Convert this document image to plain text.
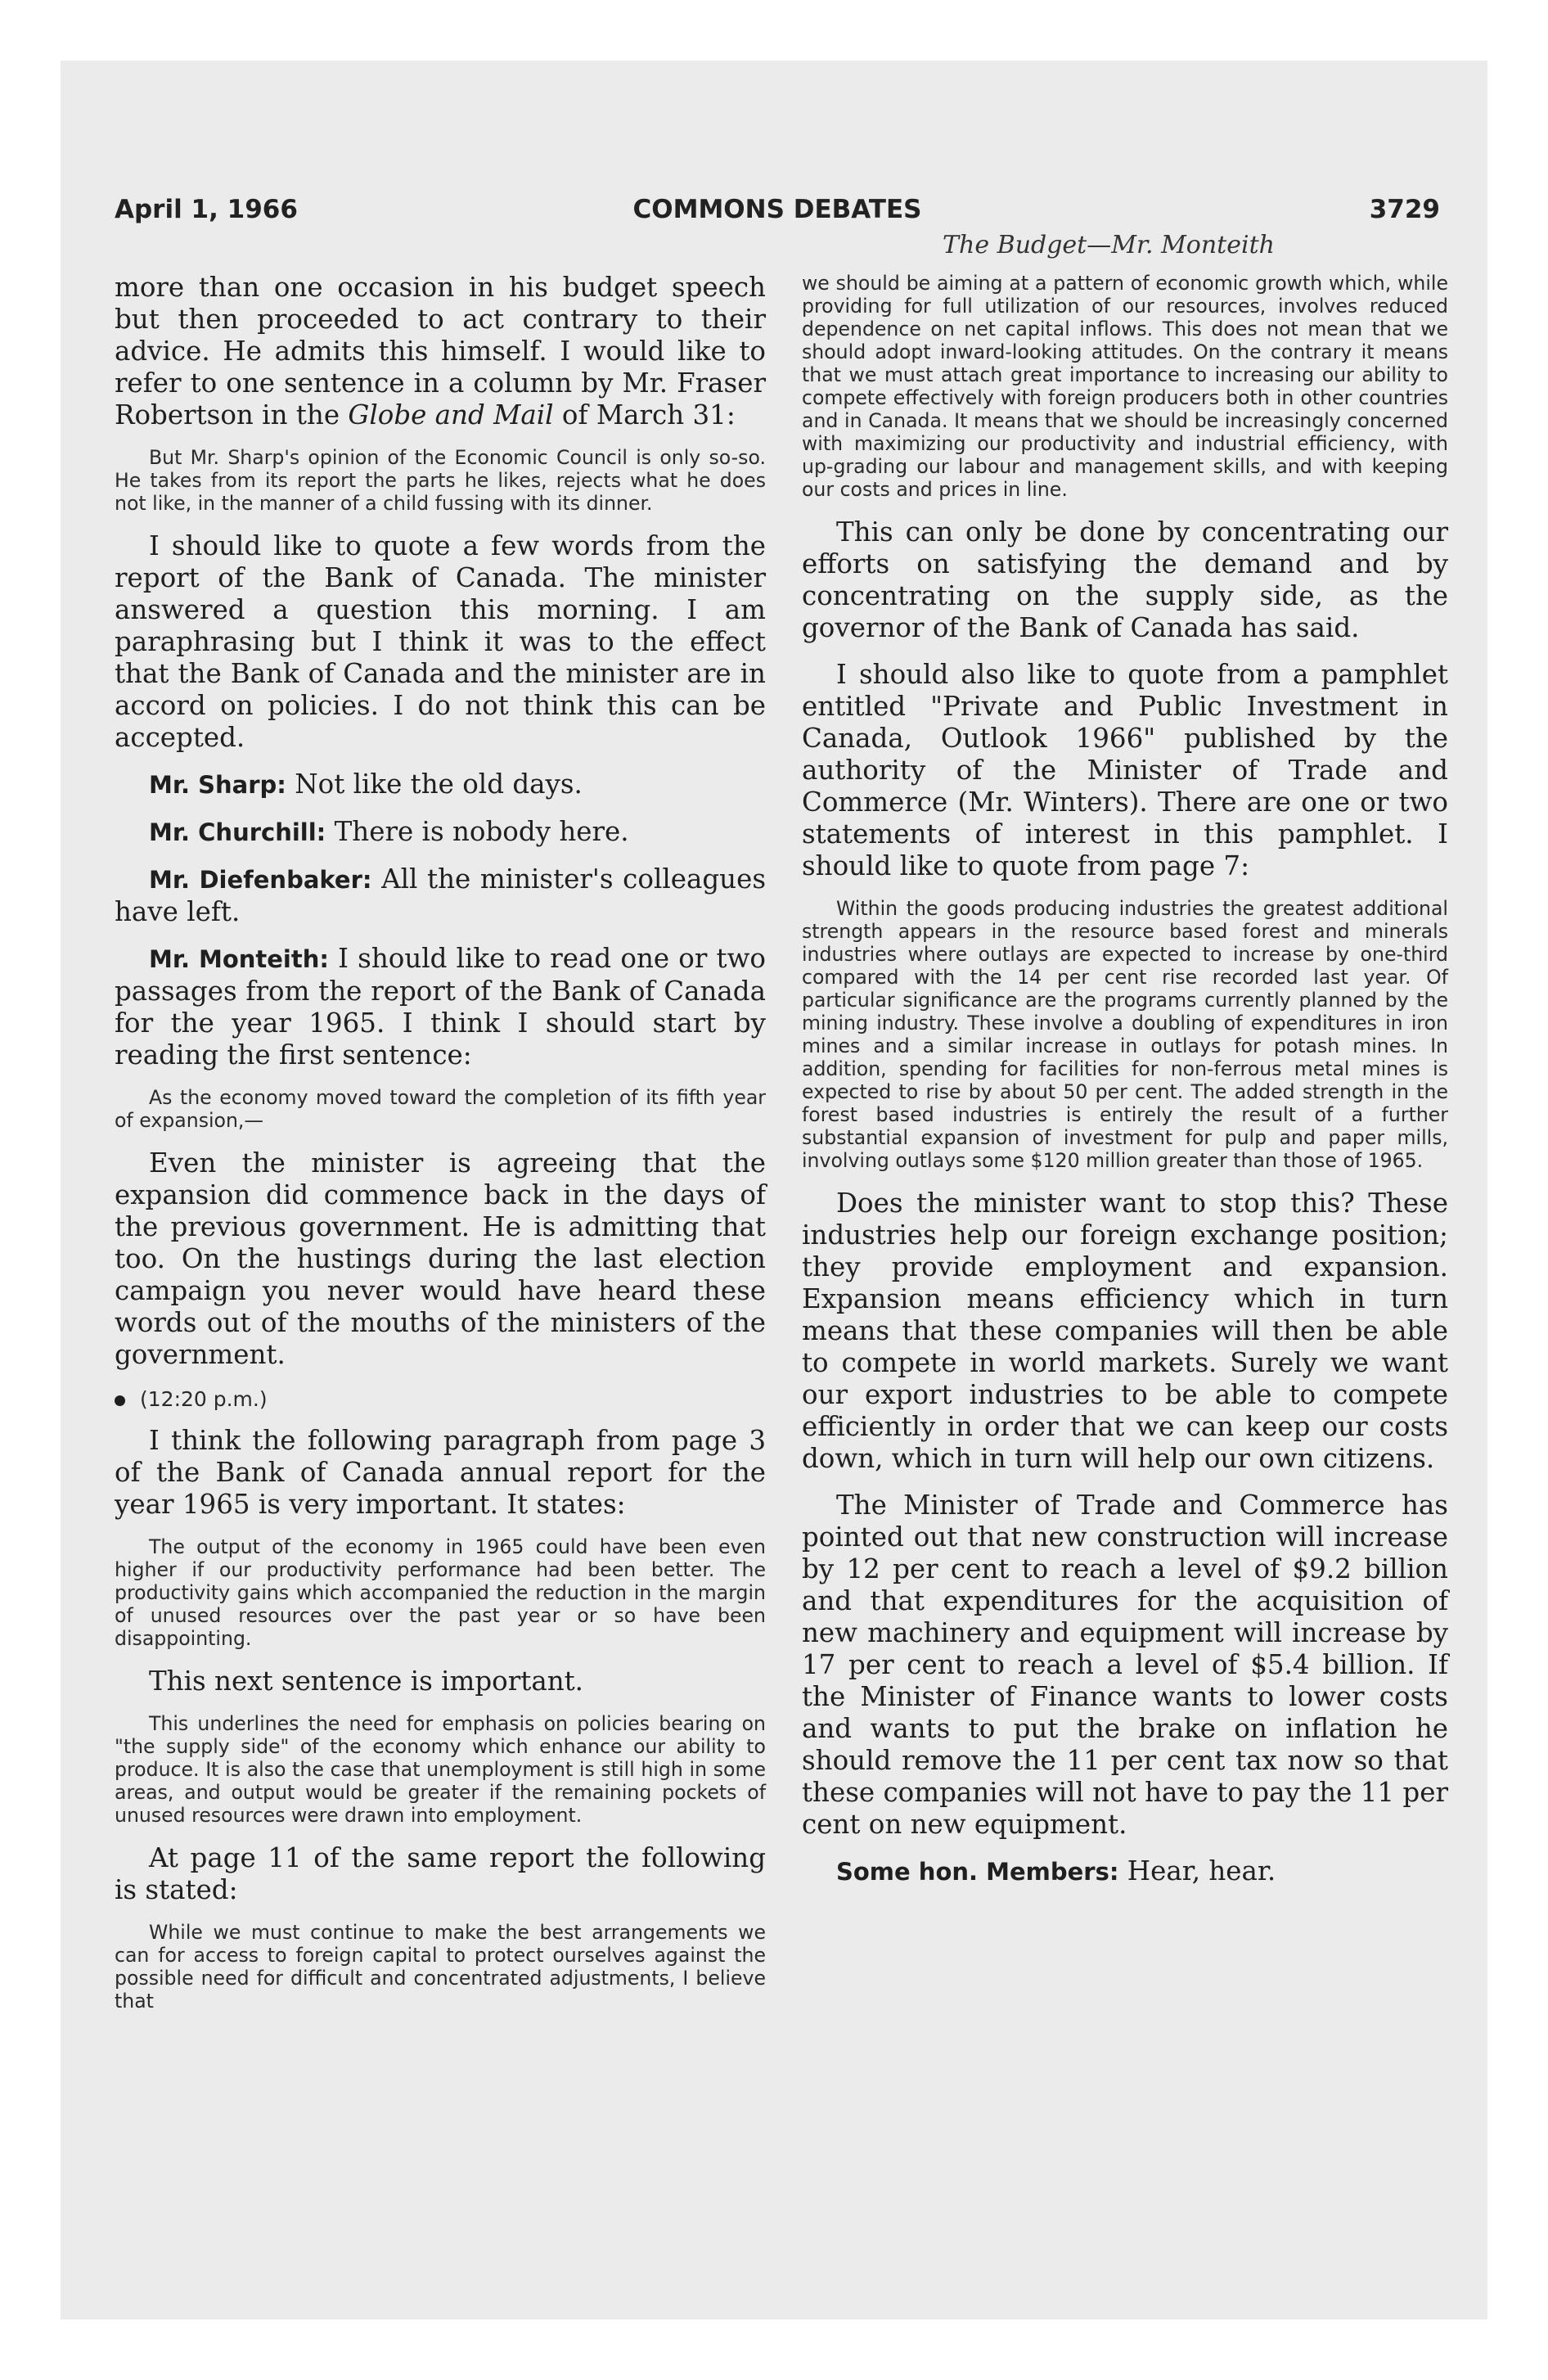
April 1, 1966	COMMONS DEBATES	3729
The Budget—Mr. Monteith

more than one occasion in his budget speech but then proceeded to act contrary to their advice. He admits this himself. I would like to refer to one sentence in a column by Mr. Fraser Robertson in the Globe and Mail of March 31:

But Mr. Sharp's opinion of the Economic Council is only so-so. He takes from its report the parts he likes, rejects what he does not like, in the manner of a child fussing with its dinner.

I should like to quote a few words from the report of the Bank of Canada. The minister answered a question this morning. I am paraphrasing but I think it was to the effect that the Bank of Canada and the minister are in accord on policies. I do not think this can be accepted.

Mr. Sharp: Not like the old days.

Mr. Churchill: There is nobody here.

Mr. Diefenbaker: All the minister's colleagues have left.

Mr. Monteith: I should like to read one or two passages from the report of the Bank of Canada for the year 1965. I think I should start by reading the first sentence:

As the economy moved toward the completion of its fifth year of expansion,—

Even the minister is agreeing that the expansion did commence back in the days of the previous government. He is admitting that too. On the hustings during the last election campaign you never would have heard these words out of the mouths of the ministers of the government.

(12:20 p.m.)

I think the following paragraph from page 3 of the Bank of Canada annual report for the year 1965 is very important. It states:

The output of the economy in 1965 could have been even higher if our productivity performance had been better. The productivity gains which accompanied the reduction in the margin of unused resources over the past year or so have been disappointing.

This next sentence is important.

This underlines the need for emphasis on policies bearing on "the supply side" of the economy which enhance our ability to produce. It is also the case that unemployment is still high in some areas, and output would be greater if the remaining pockets of unused resources were drawn into employment.

At page 11 of the same report the following is stated:

While we must continue to make the best arrangements we can for access to foreign capital to protect ourselves against the possible need for difficult and concentrated adjustments, I believe that

we should be aiming at a pattern of economic growth which, while providing for full utilization of our resources, involves reduced dependence on net capital inflows. This does not mean that we should adopt inward-looking attitudes. On the contrary it means that we must attach great importance to increasing our ability to compete effectively with foreign producers both in other countries and in Canada. It means that we should be increasingly concerned with maximizing our productivity and industrial efficiency, with up-grading our labour and management skills, and with keeping our costs and prices in line.

This can only be done by concentrating our efforts on satisfying the demand and by concentrating on the supply side, as the governor of the Bank of Canada has said.

I should also like to quote from a pamphlet entitled "Private and Public Investment in Canada, Outlook 1966" published by the authority of the Minister of Trade and Commerce (Mr. Winters). There are one or two statements of interest in this pamphlet. I should like to quote from page 7:

Within the goods producing industries the greatest additional strength appears in the resource based forest and minerals industries where outlays are expected to increase by one-third compared with the 14 per cent rise recorded last year. Of particular significance are the programs currently planned by the mining industry. These involve a doubling of expenditures in iron mines and a similar increase in outlays for potash mines. In addition, spending for facilities for non-ferrous metal mines is expected to rise by about 50 per cent. The added strength in the forest based industries is entirely the result of a further substantial expansion of investment for pulp and paper mills, involving outlays some $120 million greater than those of 1965.

Does the minister want to stop this? These industries help our foreign exchange position; they provide employment and expansion. Expansion means efficiency which in turn means that these companies will then be able to compete in world markets. Surely we want our export industries to be able to compete efficiently in order that we can keep our costs down, which in turn will help our own citizens.

The Minister of Trade and Commerce has pointed out that new construction will increase by 12 per cent to reach a level of $9.2 billion and that expenditures for the acquisition of new machinery and equipment will increase by 17 per cent to reach a level of $5.4 billion. If the Minister of Finance wants to lower costs and wants to put the brake on inflation he should remove the 11 per cent tax now so that these companies will not have to pay the 11 per cent on new equipment.

Some hon. Members: Hear, hear.
